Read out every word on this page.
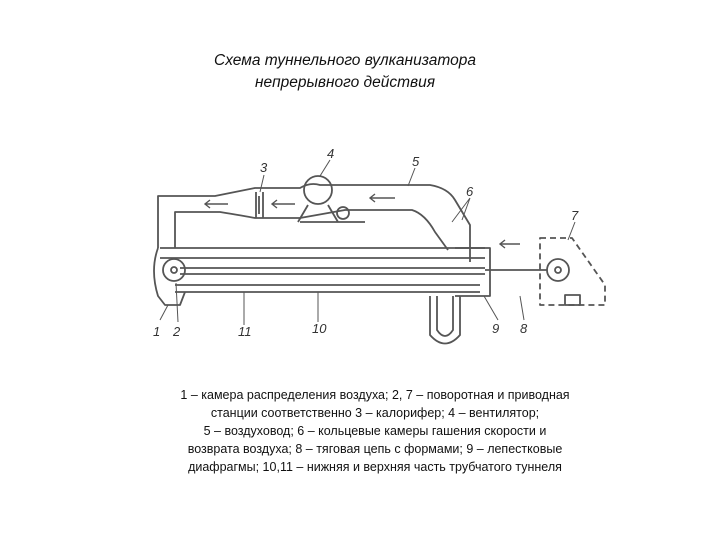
Схема туннельного вулканизатора
непрерывного действия
1 2
3
4
5
6
7
8
9
10
11
1 – камера распределения воздуха; 2, 7 – поворотная и приводная
станции соответственно 3 – калорифер; 4 – вентилятор;
5 – воздуховод; 6 – кольцевые камеры гашения скорости и
возврата воздуха; 8 – тяговая цепь с формами; 9 – лепестковые
диафрагмы; 10,11 – нижняя и верхняя часть трубчатого туннеля
